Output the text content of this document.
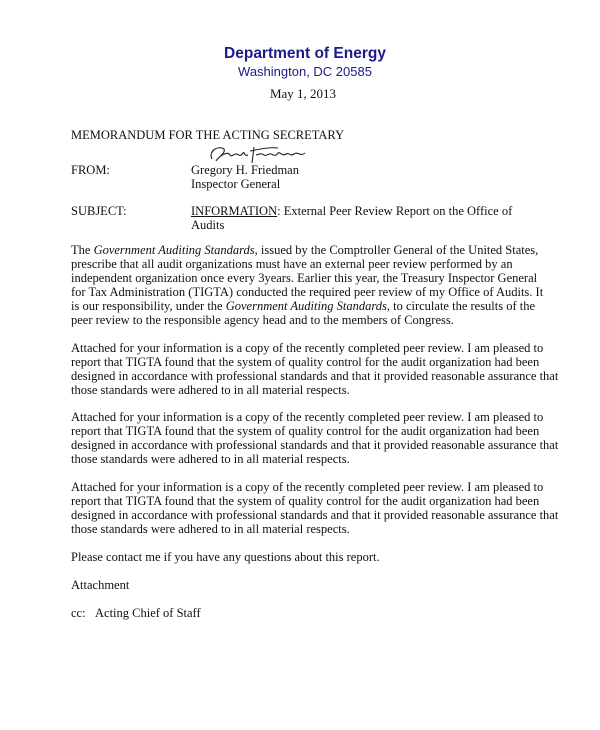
Department of Energy
Washington, DC 20585
May 1, 2013
MEMORANDUM FOR THE ACTING SECRETARY
FROM:	Gregory H. Friedman
Inspector General
SUBJECT:	INFORMATION: External Peer Review Report on the Office of
Audits
The Government Auditing Standards, issued by the Comptroller General of the United States,
prescribe that all audit organizations must have an external peer review performed by an
independent organization once every 3years. Earlier this year, the Treasury Inspector General
for Tax Administration (TIGTA) conducted the required peer review of my Office of Audits. It
is our responsibility, under the Government Auditing Standards, to circulate the results of the
peer review to the responsible agency head and to the members of Congress.
Attached for your information is a copy of the recently completed peer review. I am pleased to
report that TIGTA found that the system of quality control for the audit organization had been
designed in accordance with professional standards and that it provided reasonable assurance that
those standards were adhered to in all material respects.
Attached for your information is a copy of the recently completed peer review. I am pleased to
report that TIGTA found that the system of quality control for the audit organization had been
designed in accordance with professional standards and that it provided reasonable assurance that
those standards were adhered to in all material respects.
Attached for your information is a copy of the recently completed peer review. I am pleased to
report that TIGTA found that the system of quality control for the audit organization had been
designed in accordance with professional standards and that it provided reasonable assurance that
those standards were adhered to in all material respects.
Please contact me if you have any questions about this report.
Attachment
cc: Acting Chief of Staff
